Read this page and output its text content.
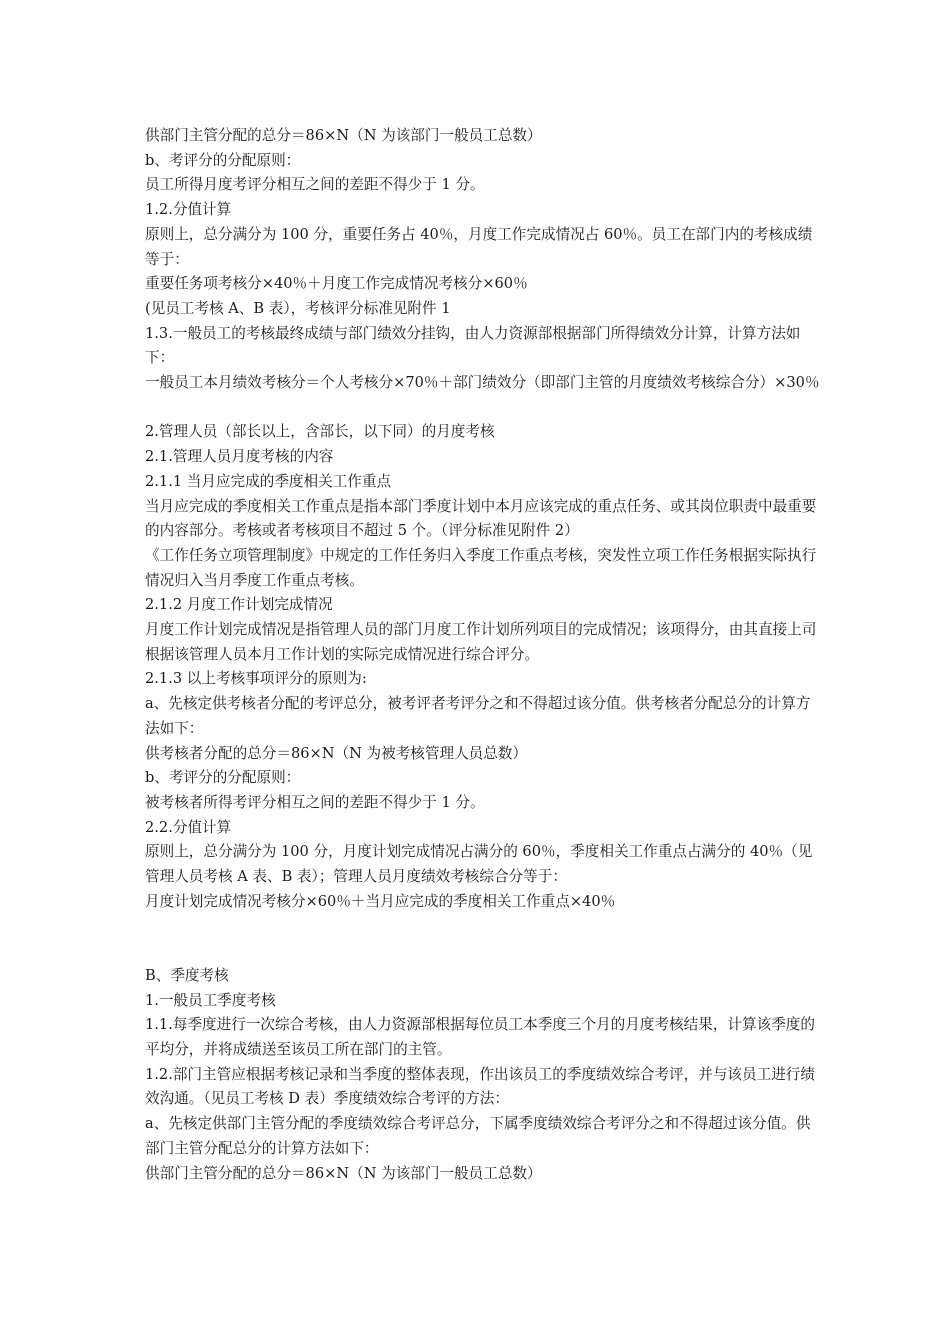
供部门主管分配的总分＝86×N（N 为该部门一般员工总数）

b、考评分的分配原则：

员工所得月度考评分相互之间的差距不得少于 1 分。

1.2.分值计算

原则上，总分满分为 100 分，重要任务占 40％，月度工作完成情况占 60％。员工在部门内的考核成绩等于：

重要任务项考核分×40％＋月度工作完成情况考核分×60％

(见员工考核 A、B 表），考核评分标准见附件 1

1.3.一般员工的考核最终成绩与部门绩效分挂钩，由人力资源部根据部门所得绩效分计算，计算方法如下：

一般员工本月绩效考核分＝个人考核分×70％＋部门绩效分（即部门主管的月度绩效考核综合分）×30％

2.管理人员（部长以上，含部长，以下同）的月度考核

2.1.管理人员月度考核的内容

2.1.1 当月应完成的季度相关工作重点

当月应完成的季度相关工作重点是指本部门季度计划中本月应该完成的重点任务、或其岗位职责中最重要的内容部分。考核或者考核项目不超过 5 个。（评分标准见附件 2）

《工作任务立项管理制度》中规定的工作任务归入季度工作重点考核，突发性立项工作任务根据实际执行情况归入当月季度工作重点考核。

2.1.2 月度工作计划完成情况

月度工作计划完成情况是指管理人员的部门月度工作计划所列项目的完成情况；该项得分，由其直接上司根据该管理人员本月工作计划的实际完成情况进行综合评分。

2.1.3 以上考核事项评分的原则为:

a、先核定供考核者分配的考评总分，被考评者考评分之和不得超过该分值。供考核者分配总分的计算方法如下：

供考核者分配的总分＝86×N（N 为被考核管理人员总数）

b、考评分的分配原则：

被考核者所得考评分相互之间的差距不得少于 1 分。

2.2.分值计算

原则上，总分满分为 100 分，月度计划完成情况占满分的 60％，季度相关工作重点占满分的 40％（见管理人员考核 A 表、B 表）；管理人员月度绩效考核综合分等于：

月度计划完成情况考核分×60％＋当月应完成的季度相关工作重点×40％

B、季度考核

1.一般员工季度考核

1.1.每季度进行一次综合考核，由人力资源部根据每位员工本季度三个月的月度考核结果，计算该季度的平均分，并将成绩送至该员工所在部门的主管。

1.2.部门主管应根据考核记录和当季度的整体表现，作出该员工的季度绩效综合考评，并与该员工进行绩效沟通。（见员工考核 D 表）季度绩效综合考评的方法：

a、先核定供部门主管分配的季度绩效综合考评总分，下属季度绩效综合考评分之和不得超过该分值。供部门主管分配总分的计算方法如下：

供部门主管分配的总分＝86×N（N 为该部门一般员工总数）
